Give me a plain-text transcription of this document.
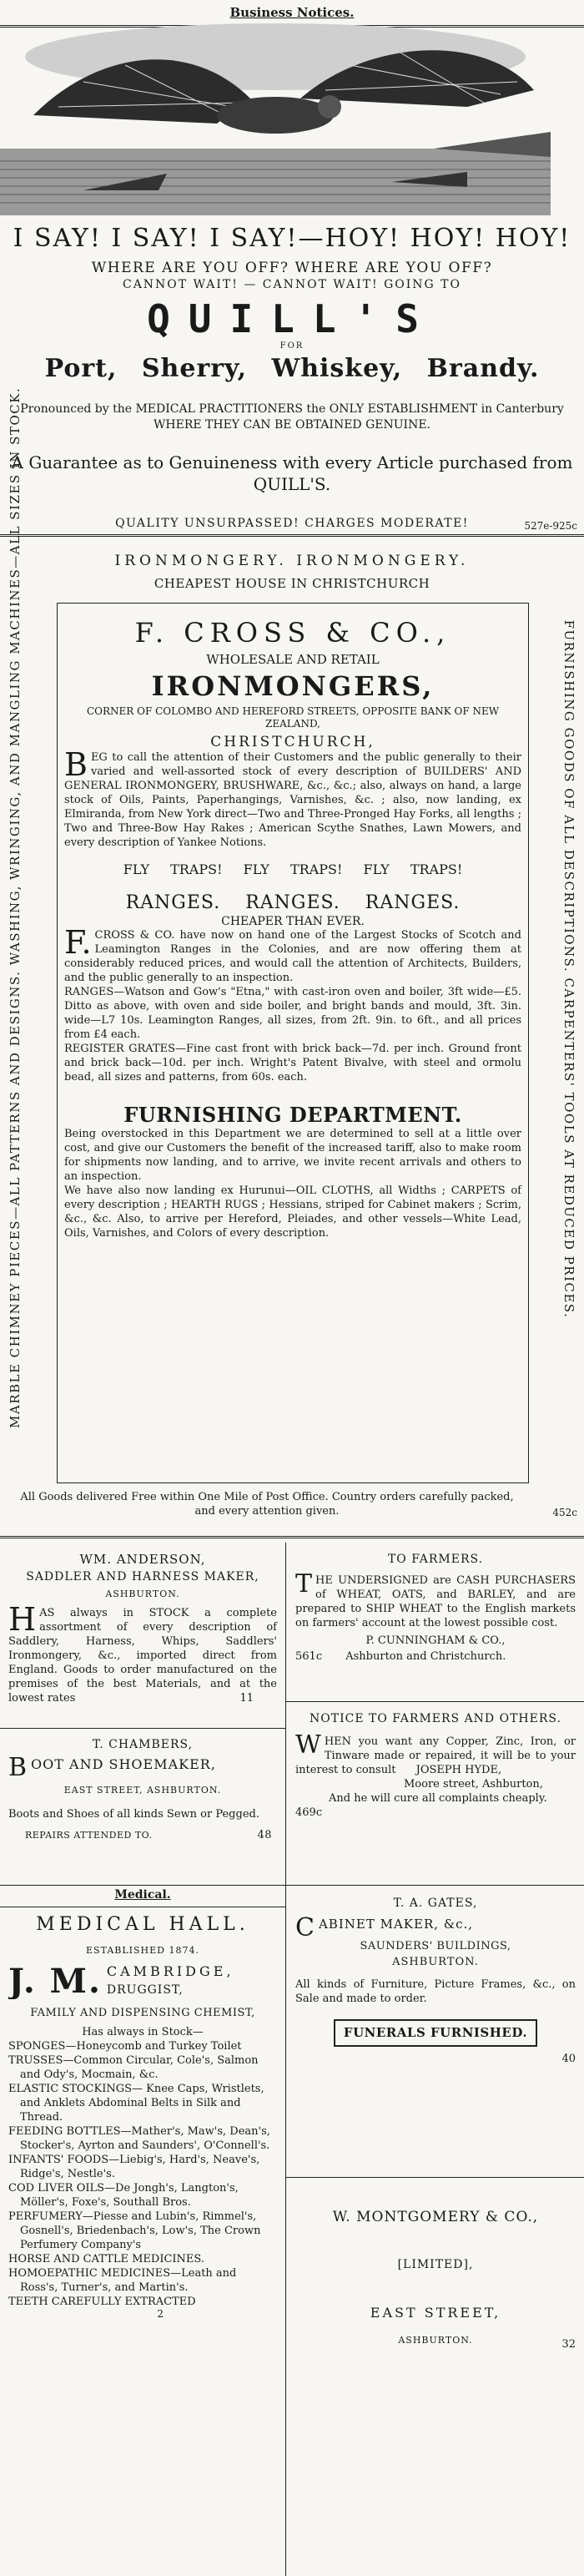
Business Notices.
I SAY! I SAY! I SAY!—HOY! HOY! HOY!
WHERE ARE YOU OFF? WHERE ARE YOU OFF?
CANNOT WAIT! — CANNOT WAIT! GOING TO
QUILL'S
FOR
Port, Sherry, Whiskey, Brandy.
Pronounced by the MEDICAL PRACTITIONERS the ONLY ESTABLISHMENT in Canterbury WHERE THEY CAN BE OBTAINED GENUINE.
A Guarantee as to Genuineness with every Article purchased from QUILL'S.
QUALITY UNSURPASSED! CHARGES MODERATE!	527e-925c
IRONMONGERY. IRONMONGERY.
CHEAPEST HOUSE IN CHRISTCHURCH
MARBLE CHIMNEY PIECES—ALL PATTERNS AND DESIGNS. WASHING, WRINGING, AND MANGLING MACHINES—ALL SIZES IN STOCK.	FURNISHING GOODS OF ALL DESCRIPTIONS. CARPENTERS' TOOLS AT REDUCED PRICES.
F. CROSS & CO.,
WHOLESALE AND RETAIL
IRONMONGERS,
CORNER OF COLOMBO AND HEREFORD STREETS, OPPOSITE BANK OF NEW ZEALAND,
CHRISTCHURCH,

BEG to call the attention of their Customers and the public generally to their varied and well-assorted stock of every description of BUILDERS' AND GENERAL IRONMONGERY, BRUSHWARE, &c., &c.; also, always on hand, a large stock of Oils, Paints, Paperhangings, Varnishes, &c. ; also, now landing, ex Elmiranda, from New York direct—Two and Three-Pronged Hay Forks, all lengths ; Two and Three-Bow Hay Rakes ; American Scythe Snathes, Lawn Mowers, and every description of Yankee Notions.

FLY TRAPS! FLY TRAPS! FLY TRAPS!
RANGES. RANGES. RANGES.
CHEAPER THAN EVER.

F. CROSS & CO. have now on hand one of the Largest Stocks of Scotch and Leamington Ranges in the Colonies, and are now offering them at considerably reduced prices, and would call the attention of Architects, Builders, and the public generally to an inspection.

RANGES—Watson and Gow's "Etna," with cast-iron oven and boiler, 3ft wide—£5. Ditto as above, with oven and side boiler, and bright bands and mould, 3ft. 3in. wide—L7 10s. Leamington Ranges, all sizes, from 2ft. 9in. to 6ft., and all prices from £4 each.

REGISTER GRATES—Fine cast front with brick back—7d. per inch. Ground front and brick back—10d. per inch. Wright's Patent Bivalve, with steel and ormolu bead, all sizes and patterns, from 60s. each.

FURNISHING DEPARTMENT.

Being overstocked in this Department we are determined to sell at a little over cost, and give our Customers the benefit of the increased tariff, also to make room for shipments now landing, and to arrive, we invite recent arrivals and others to an inspection.

We have also now landing ex Hurunui—OIL CLOTHS, all Widths ; CARPETS of every description ; HEARTH RUGS ; Hessians, striped for Cabinet makers ; Scrim, &c., &c. Also, to arrive per Hereford, Pleiades, and other vessels—White Lead, Oils, Varnishes, and Colors of every description.

All Goods delivered Free within One Mile of Post Office. Country orders carefully packed, and every attention given.	452c

WM. ANDERSON,

SADDLER AND HARNESS MAKER,

ASHBURTON.

HAS always in STOCK a complete assortment of every description of Saddlery, Harness, Whips, Saddlers' Ironmongery, &c., imported direct from England. Goods to order manufactured on the premises of the best Materials, and at the lowest rates	11

T. CHAMBERS,

BOOT AND SHOEMAKER,

EAST STREET, ASHBURTON.

Boots and Shoes of all kinds Sewn or Pegged.

REPAIRS ATTENDED TO.	48

Medical.

MEDICAL HALL.

ESTABLISHED 1874.

J. M. CAMBRIDGE,

DRUGGIST,

FAMILY AND DISPENSING CHEMIST,

Has always in Stock—

SPONGES—Honeycomb and Turkey Toilet

TRUSSES—Common Circular, Cole's, Salmon and Ody's, Mocmain, &c.

ELASTIC STOCKINGS— Knee Caps, Wristlets, and Anklets Abdominal Belts in Silk and Thread.

FEEDING BOTTLES—Mather's, Maw's, Dean's, Stocker's, Ayrton and Saunders', O'Connell's.

INFANTS' FOODS—Liebig's, Hard's, Neave's, Ridge's, Nestle's.

COD LIVER OILS—De Jongh's, Langton's, Möller's, Foxe's, Southall Bros.

PERFUMERY—Piesse and Lubin's, Rimmel's, Gosnell's, Briedenbach's, Low's, The Crown Perfumery Company's

HORSE AND CATTLE MEDICINES.

HOMOEPATHIC MEDICINES—Leath and Ross's, Turner's, and Martin's.

TEETH CAREFULLY EXTRACTED

2

TO FARMERS.

THE UNDERSIGNED are CASH PURCHASERS of WHEAT, OATS, and BARLEY, and are prepared to SHIP WHEAT to the English markets on farmers' account at the lowest possible cost.

P. CUNNINGHAM & CO.,

561c Ashburton and Christchurch.

NOTICE TO FARMERS AND OTHERS.

WHEN you want any Copper, Zinc, Iron, or Tinware made or repaired, it will be to your interest to consult JOSEPH HYDE,

Moore street, Ashburton,

And he will cure all complaints cheaply.

469c

T. A. GATES,

CABINET MAKER, &c.,

SAUNDERS' BUILDINGS,

ASHBURTON.

All kinds of Furniture, Picture Frames, &c., on Sale and made to order.

FUNERALS FURNISHED.

40

W. MONTGOMERY & CO.,

[LIMITED],

EAST STREET,

ASHBURTON.	32
